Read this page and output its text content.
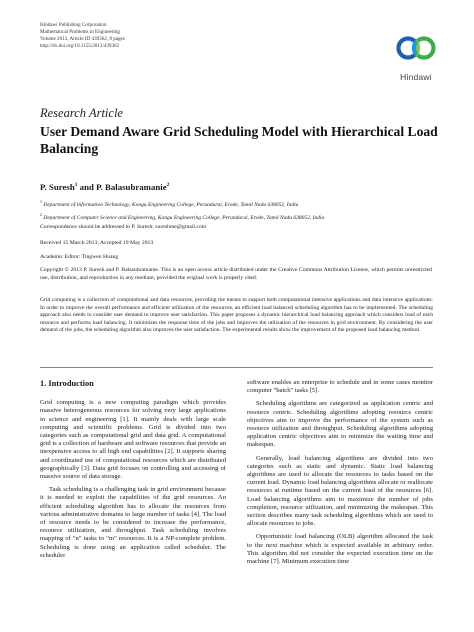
Hindawi Publishing Corporation
Mathematical Problems in Engineering
Volume 2013, Article ID 439362, 8 pages
http://dx.doi.org/10.1155/2013/439362
Hindawi
Research Article
User Demand Aware Grid Scheduling Model with Hierarchical Load Balancing
P. Suresh$^1$ and P. Balasubramanie$^2$
$^1$ Department of Information Technology, Kongu Engineering College, Perundurai, Erode, Tamil Nadu 638052, India
$^2$ Department of Computer Science and Engineering, Kongu Engineering College, Perundurai, Erode, Tamil Nadu 638052, India
Correspondence should be addressed to P. Suresh; sureshme@gmail.com
Received 15 March 2013; Accepted 19 May 2013
Academic Editor: Tingwen Huang

Copyright © 2013 P. Suresh and P. Balasubramanie. This is an open access article distributed under the Creative Commons Attribution License, which permits unrestricted use, distribution, and reproduction in any medium, provided the original work is properly cited.

Grid computing is a collection of computational and data resources, providing the means to support both computational intensive applications and data intensive applications. In order to improve the overall performance and efficient utilization of the resources, an efficient load balanced scheduling algorithm has to be implemented. The scheduling approach also needs to consider user demand to improve user satisfaction. This paper proposes a dynamic hierarchical load balancing approach which considers load of each resource and performs load balancing. It minimizes the response time of the jobs and improves the utilization of the resources in grid environment. By considering the user demand of the jobs, the scheduling algorithm also improves the user satisfaction. The experimental results show the improvement of the proposed load balancing method.

1. Introduction

Grid computing is a new computing paradigm which provides massive heterogeneous resources for solving very large applications in science and engineering [1]. It mainly deals with large scale computing and scientific problems. Grid is divided into two categories such as computational grid and data grid. A computational grid is a collection of hardware and software resources that provide an inexpensive access to all high end capabilities [2]. It supports sharing and coordinated use of computational resources which are distributed geographically [3]. Data grid focuses on controlling and accessing of massive source of data storage.

Task scheduling is a challenging task in grid environment because it is needed to exploit the capabilities of the grid resources. An efficient scheduling algorithm has to allocate the resources from various administrative domains to large number of tasks [4]. The load of resource needs to be considered to increase the performance, resource utilization, and throughput. Task scheduling involves mapping of "n" tasks to "m" resources. It is a NP-complete problem. Scheduling is done using an application called scheduler. The scheduler

software enables an enterprise to schedule and in some cases monitor computer "batch" tasks [5].

Scheduling algorithms are categorized as application centric and resource centric. Scheduling algorithms adopting resource centric objectives aim to improve the performance of the system such as resource utilization and throughput. Scheduling algorithms adopting application centric objectives aim to minimize the waiting time and makespan.

Generally, load balancing algorithms are divided into two categories such as static and dynamic. Static load balancing algorithms are used to allocate the resources to tasks based on the current load. Dynamic load balancing algorithms allocate or reallocate resources at runtime based on the current load of the resources [6]. Load balancing algorithms aim to maximize the number of jobs completion, resource utilization, and minimizing the makespan. This section describes many task scheduling algorithms which are used to allocate resources to jobs.

Opportunistic load balancing (OLB) algorithm allocated the task to the next machine which is expected available in arbitrary order. This algorithm did not consider the expected execution time on the machine [7]. Minimum execution time
